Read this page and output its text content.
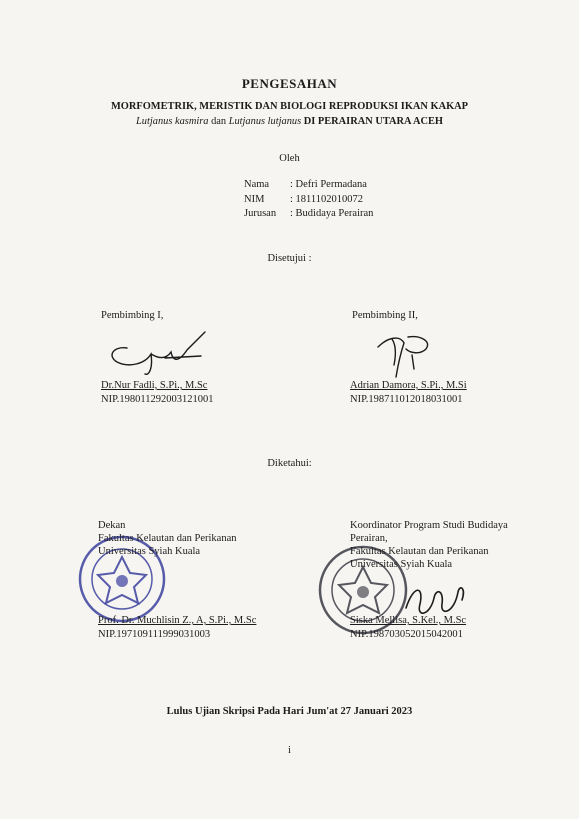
PENGESAHAN
MORFOMETRIK, MERISTIK DAN BIOLOGI REPRODUKSI IKAN KAKAP
Lutjanus kasmira dan Lutjanus lutjanus DI PERAIRAN UTARA ACEH
Oleh
Nama	: Defri Permadana
NIM	: 1811102010072
Jurusan	: Budidaya Perairan
Disetujui :
Pembimbing I,
Dr.Nur Fadli, S.Pi., M.Sc
NIP.198011292003121001
Pembimbing II,
Adrian Damora, S.Pi., M.Si
NIP.198711012018031001
Diketahui:
Dekan
Fakultas Kelautan dan Perikanan
Universitas Syiah Kuala
Prof. Dr. Muchlisin Z., A, S.Pi., M.Sc
NIP.197109111999031003
Koordinator Program Studi Budidaya
Perairan,
Fakultas Kelautan dan Perikanan
Universitas Syiah Kuala
Siska Mellisa, S.Kel., M.Sc
NIP.198703052015042001
Lulus Ujian Skripsi Pada Hari Jum'at 27 Januari 2023
i
